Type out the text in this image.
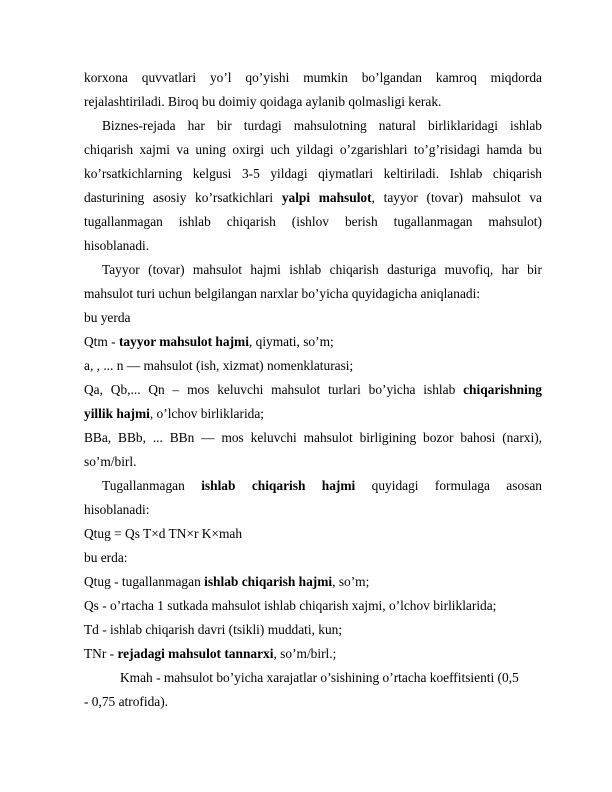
korxona quvvatlari yo’l qo’yishi mumkin bo’lgandan kamroq miqdorda
rejalashtiriladi. Biroq bu doimiy qoidaga aylanib qolmasligi kerak.
Biznes-rejada har bir turdagi mahsulotning natural birliklaridagi ishlab
chiqarish xajmi va uning oxirgi uch yildagi o’zgarishlari to’g’risidagi hamda bu
ko’rsatkichlarning kelgusi 3-5 yildagi qiymatlari keltiriladi. Ishlab chiqarish
dasturining asosiy ko’rsatkichlari yalpi mahsulot, tayyor (tovar) mahsulot va
tugallanmagan ishlab chiqarish (ishlov berish tugallanmagan mahsulot)
hisoblanadi.
Tayyor (tovar) mahsulot hajmi ishlab chiqarish dasturiga muvofiq, har bir
mahsulot turi uchun belgilangan narxlar bo’yicha quyidagicha aniqlanadi:
bu yerda
Qtm - tayyor mahsulot hajmi, qiymati, so’m;
a, , ... n — mahsulot (ish, xizmat) nomenklaturasi;
Qa, Qb,... Qn – mos keluvchi mahsulot turlari bo’yicha ishlab chiqarishning
yillik hajmi, o’lchov birliklarida;
BBa, BBb, ... BBn — mos keluvchi mahsulot birligining bozor bahosi (narxi),
so’m/birl.
Tugallanmagan ishlab chiqarish hajmi quyidagi formulaga asosan
hisoblanadi:
Qtug = Qs T×d TN×r K×mah
bu erda:
Qtug - tugallanmagan ishlab chiqarish hajmi, so’m;
Qs - o’rtacha 1 sutkada mahsulot ishlab chiqarish xajmi, o’lchov birliklarida;
Td - ishlab chiqarish davri (tsikli) muddati, kun;
TNr - rejadagi mahsulot tannarxi, so’m/birl.;
Kmah - mahsulot bo’yicha xarajatlar o’sishining o’rtacha koeffitsienti (0,5
- 0,75 atrofida).
